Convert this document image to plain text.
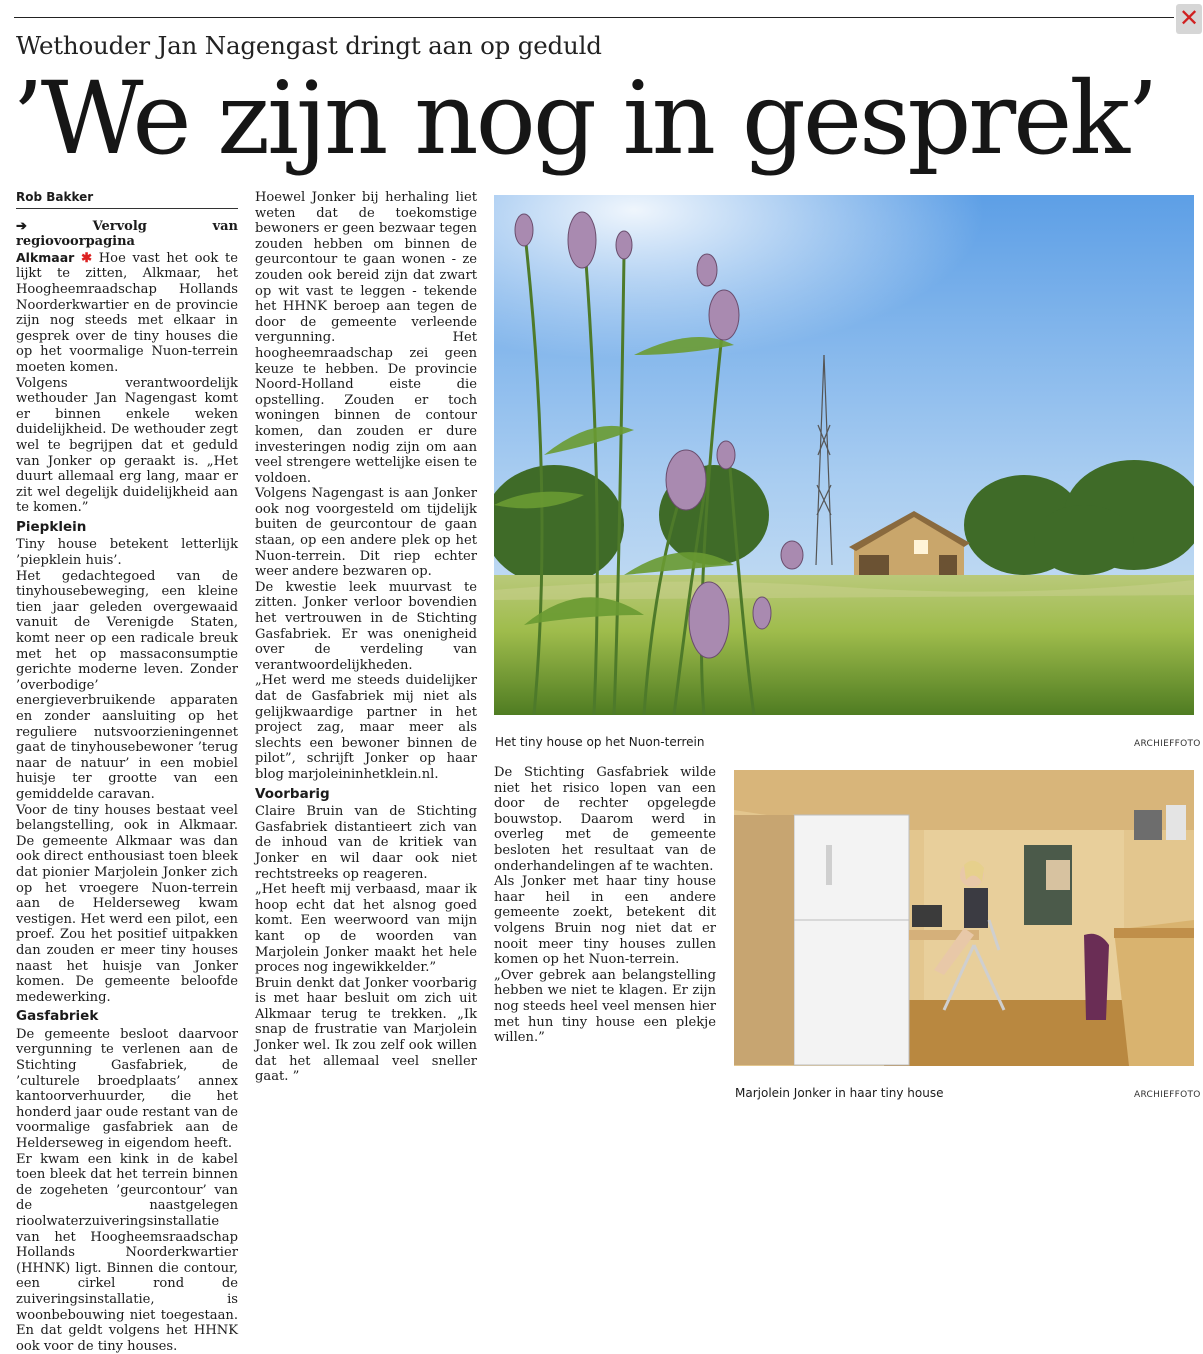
✕
Wethouder Jan Nagengast dringt aan op geduld
’We zijn nog in gesprek’
Rob Bakker

➔ Vervolg van regiovoorpagina

Alkmaar ✱ Hoe vast het ook te lijkt te zitten, Alkmaar, het Hoogheemraadschap Hollands Noorderkwartier en de provincie zijn nog steeds met elkaar in gesprek over de tiny houses die op het voormalige Nuon-terrein moeten komen.

Volgens verantwoordelijk wethouder Jan Nagengast komt er binnen enkele weken duidelijkheid. De wethouder zegt wel te begrijpen dat et geduld van Jonker op geraakt is. „Het duurt allemaal erg lang, maar er zit wel degelijk duidelijkheid aan te komen.”

Piepklein

Tiny house betekent letterlijk ’piepklein huis’.

Het gedachtegoed van de tinyhousebeweging, een kleine tien jaar geleden overgewaaid vanuit de Verenigde Staten, komt neer op een radicale breuk met het op massaconsumptie gerichte moderne leven. Zonder ’overbodige’ energieverbruikende apparaten en zonder aansluiting op het reguliere nutsvoorzieningennet gaat de tinyhousebewoner ’terug naar de natuur’ in een mobiel huisje ter grootte van een gemiddelde caravan.

Voor de tiny houses bestaat veel belangstelling, ook in Alkmaar. De gemeente Alkmaar was dan ook direct enthousiast toen bleek dat pionier Marjolein Jonker zich op het vroegere Nuon-terrein aan de Helderseweg kwam vestigen. Het werd een pilot, een proef. Zou het positief uitpakken dan zouden er meer tiny houses naast het huisje van Jonker komen. De gemeente beloofde medewerking.

Gasfabriek

De gemeente besloot daarvoor vergunning te verlenen aan de Stichting Gasfabriek, de ’culturele broedplaats’ annex kantoorverhuurder, die het honderd jaar oude restant van de voormalige gasfabriek aan de Helderseweg in eigendom heeft.

Er kwam een kink in de kabel toen bleek dat het terrein binnen de zogeheten ’geurcontour’ van de naastgelegen rioolwaterzuiveringsinstallatie van het Hoogheemsraadschap Hollands Noorderkwartier (HHNK) ligt. Binnen die contour, een cirkel rond de zuiveringsinstallatie, is woonbebouwing niet toegestaan. En dat geldt volgens het HHNK ook voor de tiny houses.

Hoewel Jonker bij herhaling liet weten dat de toekomstige bewoners er geen bezwaar tegen zouden hebben om binnen de geurcontour te gaan wonen - ze zouden ook bereid zijn dat zwart op wit vast te leggen - tekende het HHNK beroep aan tegen de door de gemeente verleende vergunning. Het hoogheemraadschap zei geen keuze te hebben. De provincie Noord-Holland eiste die opstelling. Zouden er toch woningen binnen de contour komen, dan zouden er dure investeringen nodig zijn om aan veel strengere wettelijke eisen te voldoen.

Volgens Nagengast is aan Jonker ook nog voorgesteld om tijdelijk buiten de geurcontour de gaan staan, op een andere plek op het Nuon-terrein. Dit riep echter weer andere bezwaren op.

De kwestie leek muurvast te zitten. Jonker verloor bovendien het vertrouwen in de Stichting Gasfabriek. Er was onenigheid over de verdeling van verantwoordelijkheden.

„Het werd me steeds duidelijker dat de Gasfabriek mij niet als gelijkwaardige partner in het project zag, maar meer als slechts een bewoner binnen de pilot”, schrijft Jonker op haar blog marjoleininhetklein.nl.

Voorbarig

Claire Bruin van de Stichting Gasfabriek distantieert zich van de inhoud van de kritiek van Jonker en wil daar ook niet rechtstreeks op reageren.

„Het heeft mij verbaasd, maar ik hoop echt dat het alsnog goed komt. Een weerwoord van mijn kant op de woorden van Marjolein Jonker maakt het hele proces nog ingewikkelder.”

Bruin denkt dat Jonker voorbarig is met haar besluit om zich uit Alkmaar terug te trekken. „Ik snap de frustratie van Marjolein Jonker wel. Ik zou zelf ook willen dat het allemaal veel sneller gaat. ”

De Stichting Gasfabriek wilde niet het risico lopen van een door de rechter opgelegde bouwstop. Daarom werd in overleg met de gemeente besloten het resultaat van de onderhandelingen af te wachten.

Als Jonker met haar tiny house haar heil in een andere gemeente zoekt, betekent dit volgens Bruin nog niet dat er nooit meer tiny houses zullen komen op het Nuon-terrein.

„Over gebrek aan belangstelling hebben we niet te klagen. Er zijn nog steeds heel veel mensen hier met hun tiny house een plekje willen.”

Het tiny house op het Nuon-terrein	ARCHIEFFOTO
Marjolein Jonker in haar tiny house	ARCHIEFFOTO
